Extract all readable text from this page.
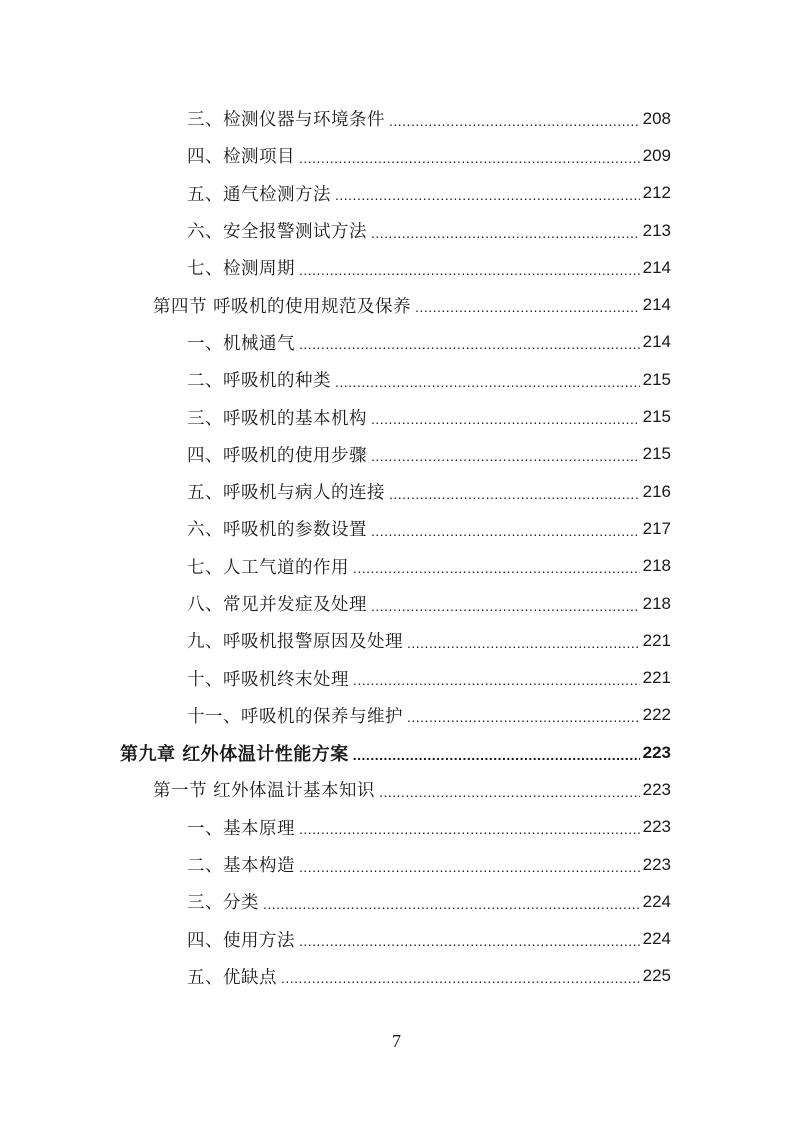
三、检测仪器与环境条件 .....	208
四、检测项目 .....	209
五、通气检测方法 .....	212
六、安全报警测试方法 .....	213
七、检测周期 .....	214
第四节 呼吸机的使用规范及保养 .....	214
一、机械通气 .....	214
二、呼吸机的种类 .....	215
三、呼吸机的基本机构 .....	215
四、呼吸机的使用步骤 .....	215
五、呼吸机与病人的连接 .....	216
六、呼吸机的参数设置 .....	217
七、人工气道的作用 .....	218
八、常见并发症及处理 .....	218
九、呼吸机报警原因及处理 .....	221
十、呼吸机终末处理 .....	221
十一、呼吸机的保养与维护 .....	222
第九章 红外体温计性能方案 .....	223
第一节 红外体温计基本知识 .....	223
一、基本原理 .....	223
二、基本构造 .....	223
三、分类 .....	224
四、使用方法 .....	224
五、优缺点 .....	225
7
